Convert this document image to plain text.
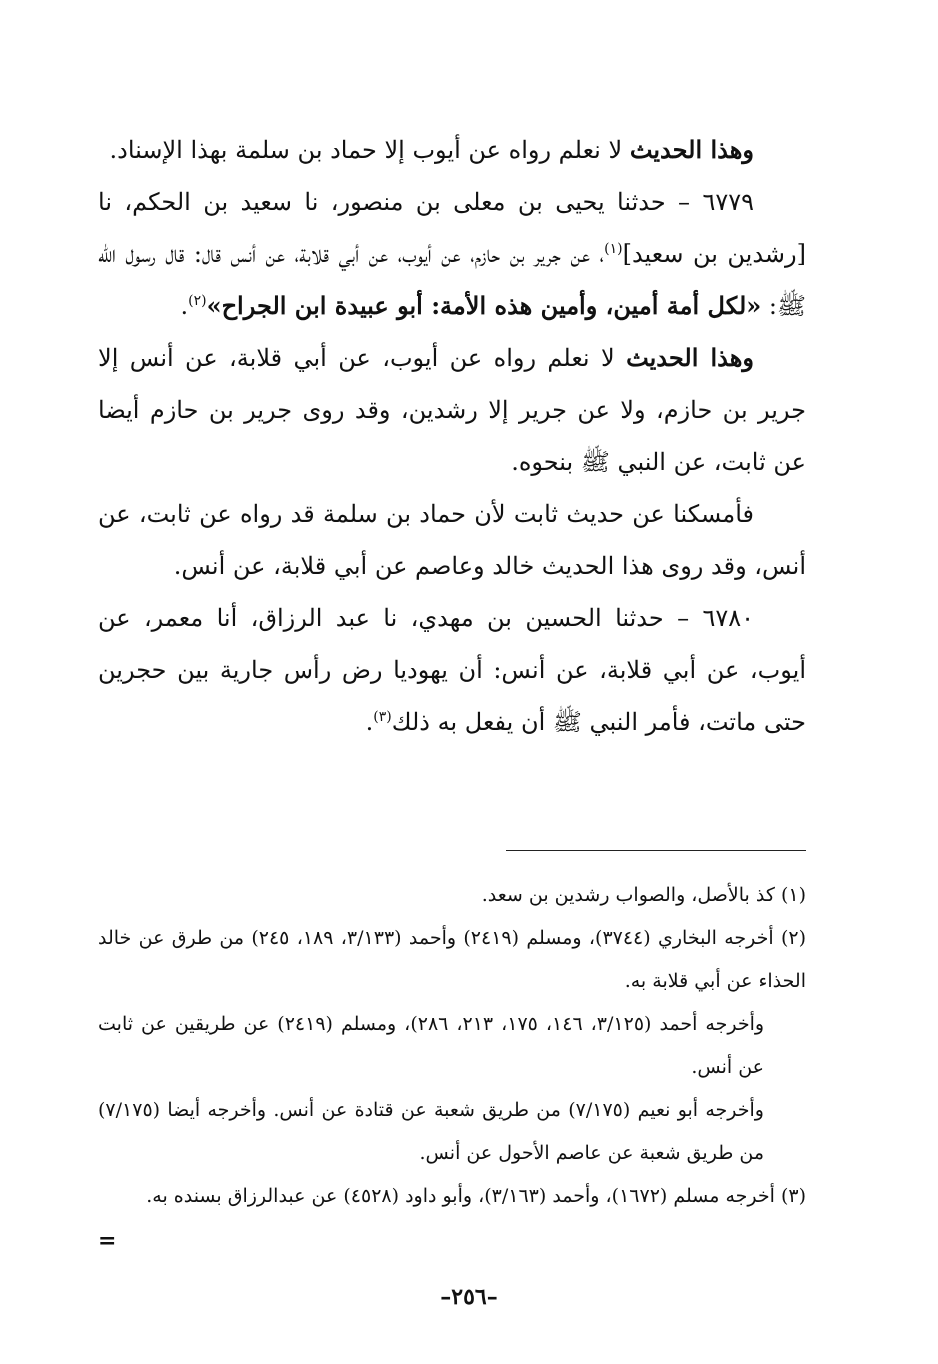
وهذا الحديث لا نعلم رواه عن أيوب إلا حماد بن سلمة بهذا الإسناد.

٦٧٧٩ – حدثنا يحيى بن معلى بن منصور، نا سعيد بن الحكم، نا [رشدين بن سعيد]$^{(١)}$، عن جرير بن حازم، عن أيوب، عن أبي قلابة، عن أنس قال: قال رسول الله ﷺ: «لكل أمة أمين، وأمين هذه الأمة: أبو عبيدة ابن الجراح»$^{(٢)}$.

وهذا الحديث لا نعلم رواه عن أيوب، عن أبي قلابة، عن أنس إلا جرير بن حازم، ولا عن جرير إلا رشدين، وقد روى جرير بن حازم أيضا عن ثابت، عن النبي ﷺ بنحوه.

فأمسكنا عن حديث ثابت لأن حماد بن سلمة قد رواه عن ثابت، عن أنس، وقد روى هذا الحديث خالد وعاصم عن أبي قلابة، عن أنس.

٦٧٨٠ – حدثنا الحسين بن مهدي، نا عبد الرزاق، أنا معمر، عن أيوب، عن أبي قلابة، عن أنس: أن يهوديا رض رأس جارية بين حجرين حتى ماتت، فأمر النبي ﷺ أن يفعل به ذلك$^{(٣)}$.

(١) كذ بالأصل، والصواب رشدين بن سعد.

(٢) أخرجه البخاري (٣٧٤٤)، ومسلم (٢٤١٩) وأحمد (٣/١٣٣، ١٨٩، ٢٤٥) من طرق عن خالد الحذاء عن أبي قلابة به.

وأخرجه أحمد (٣/١٢٥، ١٤٦، ١٧٥، ٢١٣، ٢٨٦)، ومسلم (٢٤١٩) عن طريقين عن ثابت عن أنس.

وأخرجه أبو نعيم (٧/١٧٥) من طريق شعبة عن قتادة عن أنس. وأخرجه أيضا (٧/١٧٥) من طريق شعبة عن عاصم الأحول عن أنس.

(٣) أخرجه مسلم (١٦٧٢)، وأحمد (٣/١٦٣)، وأبو داود (٤٥٢٨) عن عبدالرزاق بسنده به.

=
–٢٥٦–
